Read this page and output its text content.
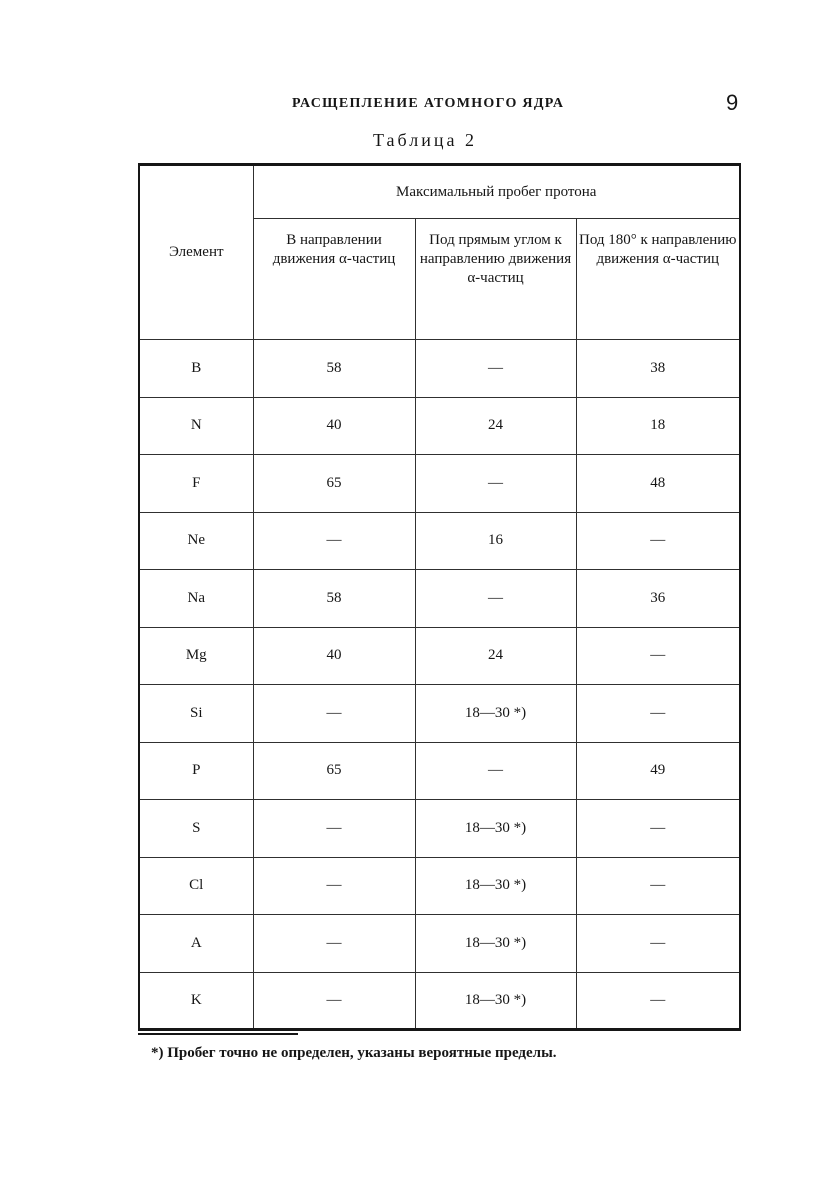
РАСЩЕПЛЕНИЕ АТОМНОГО ЯДРА	9
Таблица 2
Элемент	Максимальный пробег протона		
	В направлении движения α-частиц	Под прямым углом к направлению движения α-частиц	Под 180° к направлению движения α-частиц
B	58	—	38
N	40	24	18
F	65	—	48
Ne	—	16	—
Na	58	—	36
Mg	40	24	—
Si	—	18—30 *)	—
P	65	—	49
S	—	18—30 *)	—
Cl	—	18—30 *)	—
A	—	18—30 *)	—
K	—	18—30 *)	—
*) Пробег точно не определен, указаны вероятные пределы.
